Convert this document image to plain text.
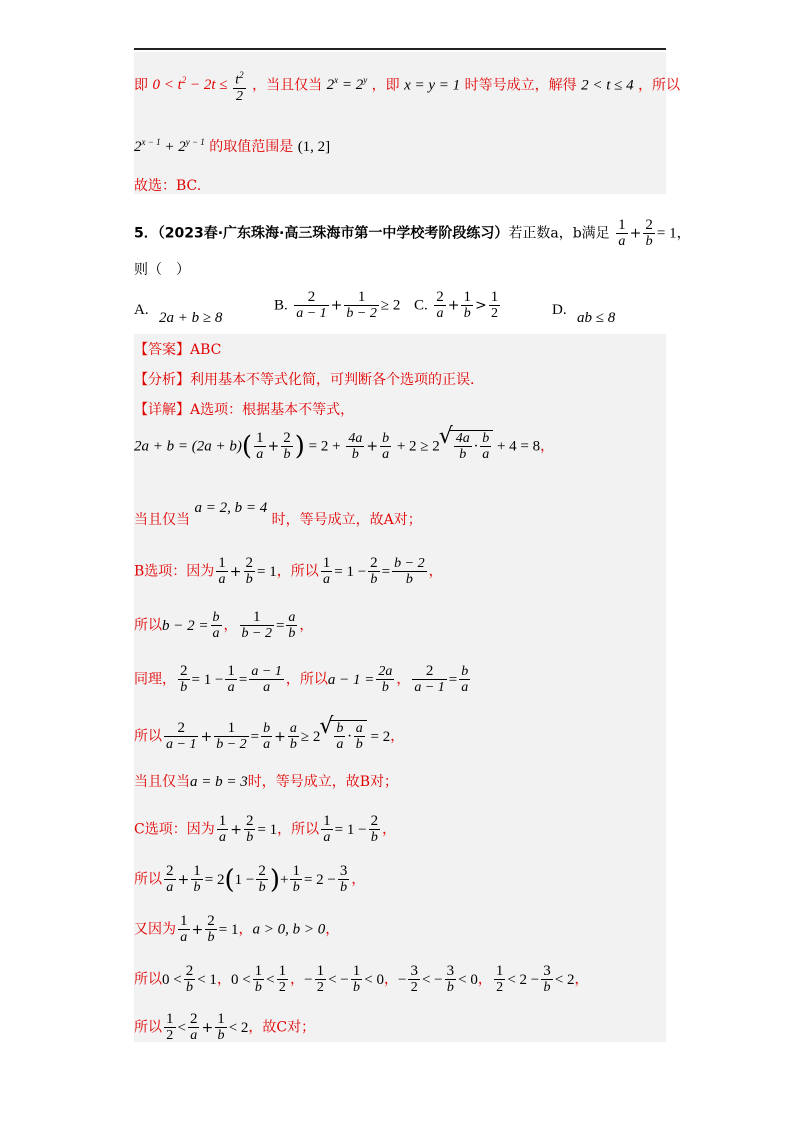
即 $0 < t^2 - 2t \le \frac{t^2}{2}$ ，当且仅当 $2^x = 2^y$ ，即 x = y = 1 时等号成立，解得 2 < t ≤ 4 ，所以
$2^{x - 1} + 2^{y - 1}$ 的取值范围是 (1, 2]
故选：BC.
5．（2023春·广东珠海·高三珠海市第一中学校考阶段练习）若正数a，b满足 $\frac{1}{a} + \frac{2}{b} = 1$，
则（　）
A. 2a + b ≥ 8
B. $\frac{2}{a - 1} + \frac{1}{b - 2} \ge 2$ C. $\frac{2}{a} + \frac{1}{b} > \frac{1}{2}$	D. ab ≤ 8
【答案】ABC
【分析】利用基本不等式化简，可判断各个选项的正误.
【详解】A选项：根据基本不等式，
$2a + b = (2a + b)( \frac{1}{a} + \frac{2}{b}$ ) = $2 + \frac{4a}{b} + \frac{b}{a} + 2 \ge 2$ √ $\frac{4a}{b} \cdot \frac{b}{a} + 4 = 8$，
当且仅当 a = 2, b = 4 时，等号成立，故A对；
B选项：因为 $\frac{1}{a} + \frac{2}{b} = 1$，所以 $\frac{1}{a} = 1 - \frac{2}{b} = \frac{b - 2}{b}$ ，
所以$b - 2 = \frac{b}{a}$ ， $\frac{1}{b - 2} = \frac{a}{b}$ ，
同理， $\frac{2}{b} = 1 - \frac{1}{a} = \frac{a - 1}{a}$ ，所以$a - 1 = \frac{2a}{b}$ ， $\frac{2}{a - 1} = \frac{b}{a}$
所以 $\frac{2}{a - 1} + \frac{1}{b - 2} = \frac{b}{a} + \frac{a}{b} \ge 2$ √ $\frac{b}{a} \cdot \frac{a}{b} = 2$，
当且仅当a = b = 3时，等号成立，故B对；
C选项：因为 $\frac{1}{a} + \frac{2}{b} = 1$，所以 $\frac{1}{a} = 1 - \frac{2}{b}$ ，
所以 $\frac{2}{a} + \frac{1}{b} = 2(1 - \frac{2}{b}$ )+ $\frac{1}{b} = 2 - \frac{3}{b}$ ，
又因为 $\frac{1}{a} + \frac{2}{b} = 1$，a > 0, b > 0，
所以$0 < \frac{2}{b} < 1$，$0 < \frac{1}{b} < \frac{1}{2}$ ，− $\frac{1}{2}$ < − $\frac{1}{b} < 0$，− $\frac{3}{2}$ < − $\frac{3}{b} < 0$， $\frac{1}{2} < 2 - \frac{3}{b} < 2$，
所以 $\frac{1}{2} < \frac{2}{a} + \frac{1}{b} < 2$，故C对；
